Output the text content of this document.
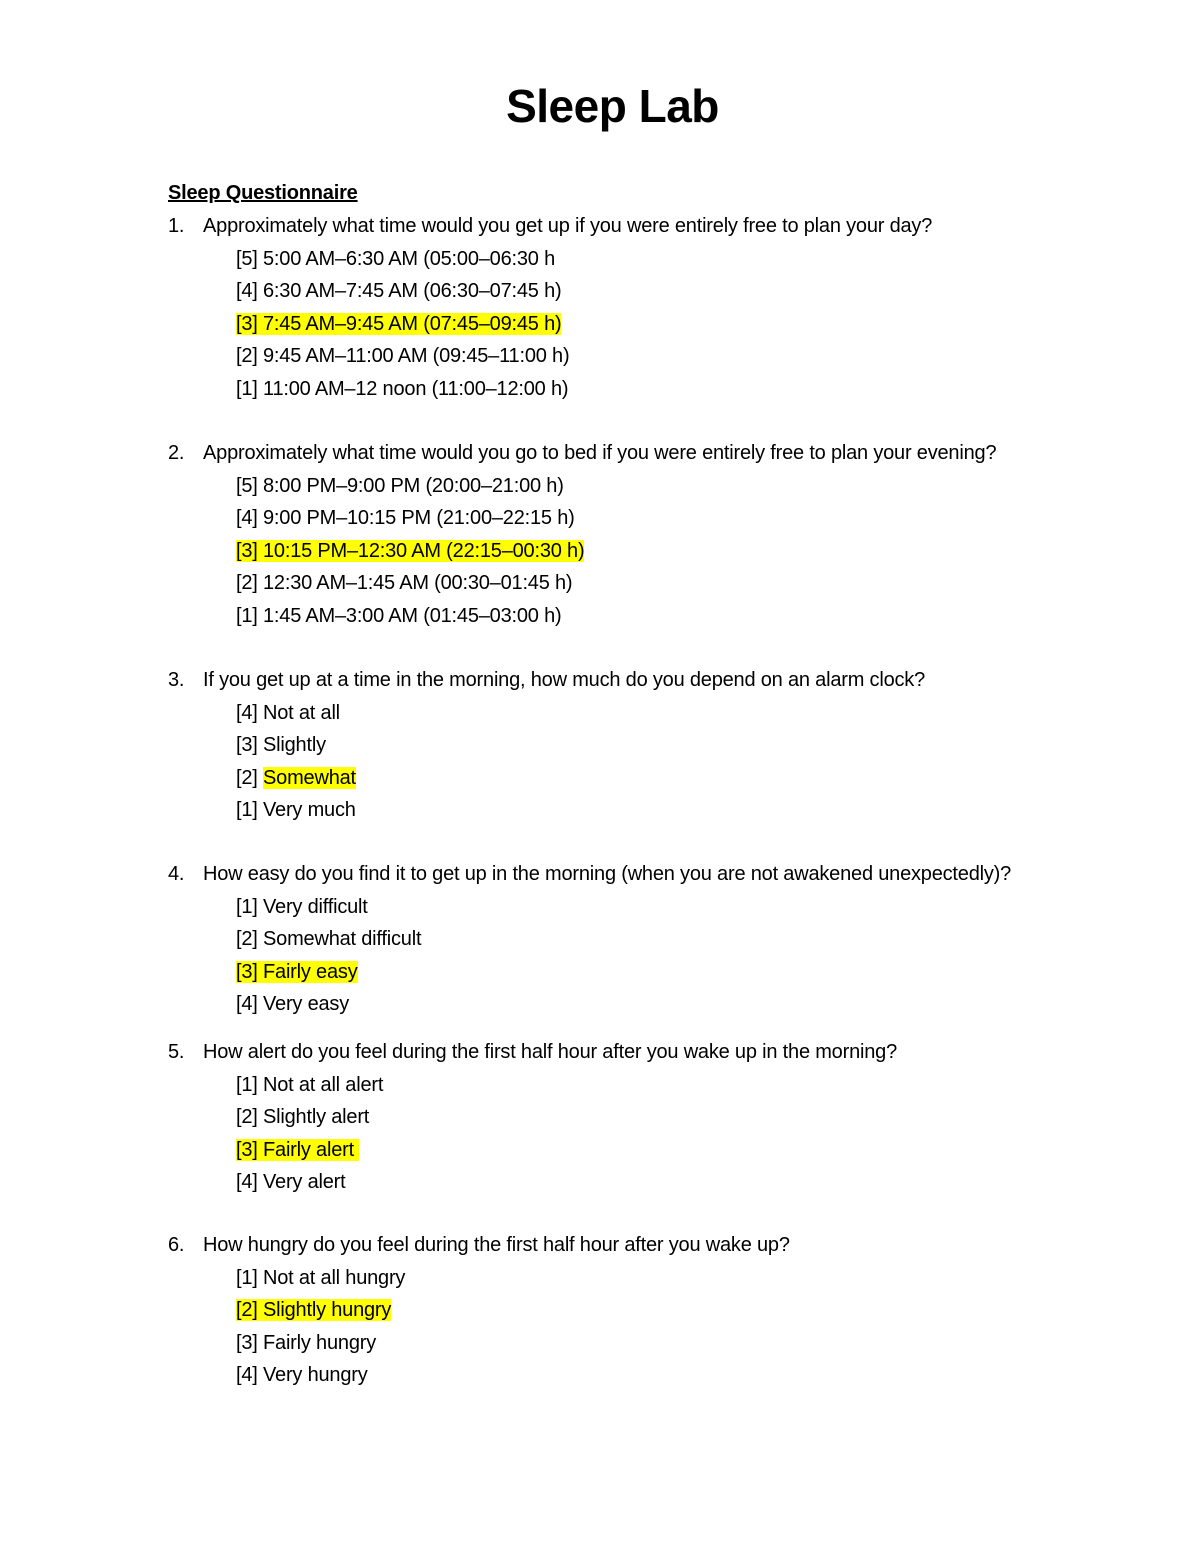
Sleep Lab
Sleep Questionnaire
1. Approximately what time would you get up if you were entirely free to plan your day?
[5] 5:00 AM–6:30 AM (05:00–06:30 h
[4] 6:30 AM–7:45 AM (06:30–07:45 h)
[3] 7:45 AM–9:45 AM (07:45–09:45 h)
[2] 9:45 AM–11:00 AM (09:45–11:00 h)
[1] 11:00 AM–12 noon (11:00–12:00 h)
2. Approximately what time would you go to bed if you were entirely free to plan your evening?
[5] 8:00 PM–9:00 PM (20:00–21:00 h)
[4] 9:00 PM–10:15 PM (21:00–22:15 h)
[3] 10:15 PM–12:30 AM (22:15–00:30 h)
[2] 12:30 AM–1:45 AM (00:30–01:45 h)
[1] 1:45 AM–3:00 AM (01:45–03:00 h)
3. If you get up at a time in the morning, how much do you depend on an alarm clock?
[4] Not at all
[3] Slightly
[2] Somewhat
[1] Very much
4. How easy do you find it to get up in the morning (when you are not awakened unexpectedly)?
[1] Very difficult
[2] Somewhat difficult
[3] Fairly easy
[4] Very easy
5. How alert do you feel during the first half hour after you wake up in the morning?
[1] Not at all alert
[2] Slightly alert
[3] Fairly alert
[4] Very alert
6. How hungry do you feel during the first half hour after you wake up?
[1] Not at all hungry
[2] Slightly hungry
[3] Fairly hungry
[4] Very hungry
